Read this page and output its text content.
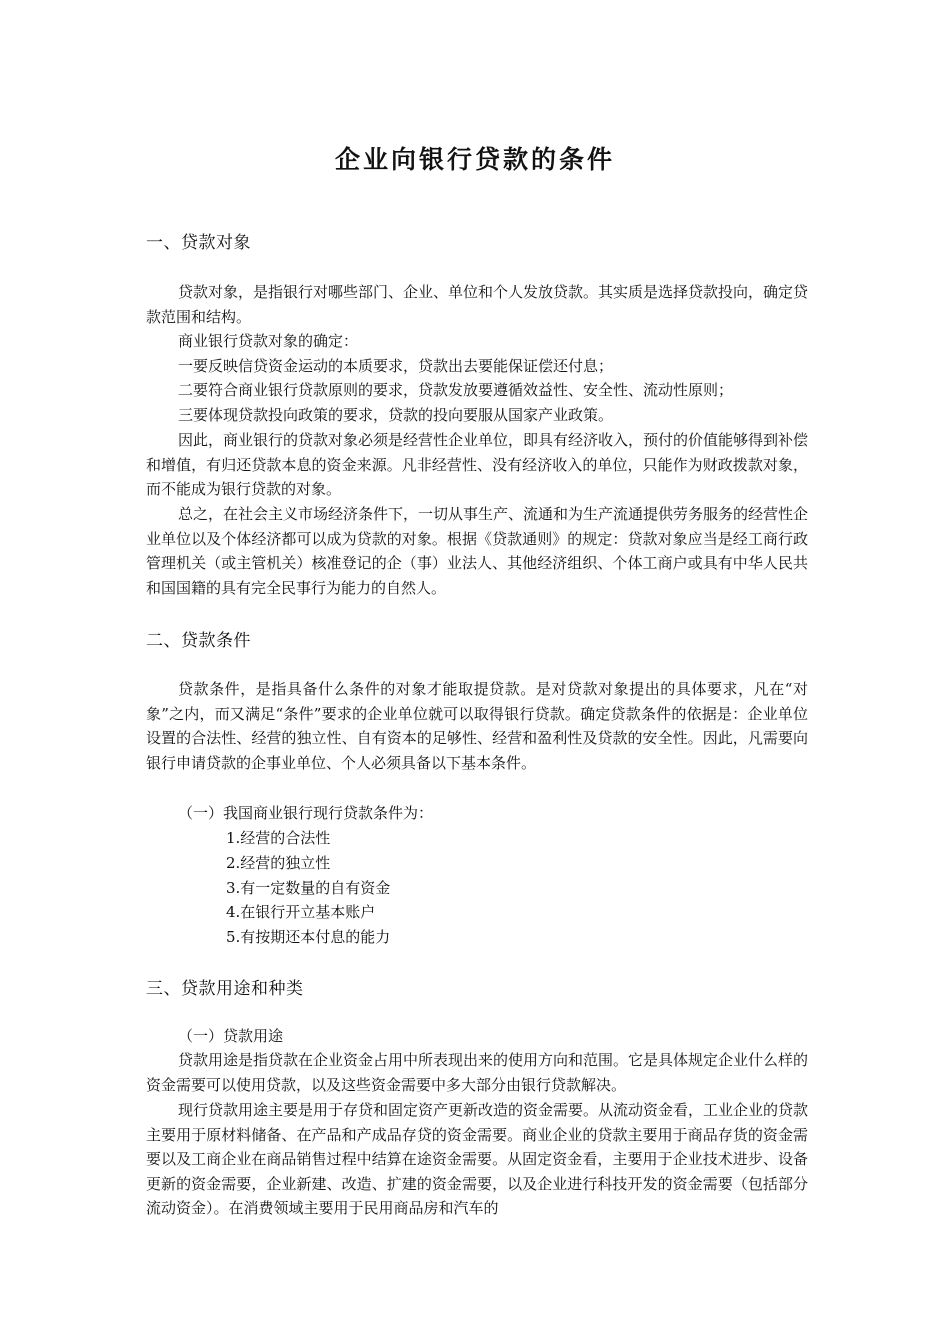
企业向银行贷款的条件
一、贷款对象

贷款对象，是指银行对哪些部门、企业、单位和个人发放贷款。其实质是选择贷款投向，确定贷款范围和结构。

商业银行贷款对象的确定：

一要反映信贷资金运动的本质要求，贷款出去要能保证偿还付息；

二要符合商业银行贷款原则的要求，贷款发放要遵循效益性、安全性、流动性原则；

三要体现贷款投向政策的要求，贷款的投向要服从国家产业政策。

因此，商业银行的贷款对象必须是经营性企业单位，即具有经济收入，预付的价值能够得到补偿和增值，有归还贷款本息的资金来源。凡非经营性、没有经济收入的单位，只能作为财政拨款对象，而不能成为银行贷款的对象。

总之，在社会主义市场经济条件下，一切从事生产、流通和为生产流通提供劳务服务的经营性企业单位以及个体经济都可以成为贷款的对象。根据《贷款通则》的规定：贷款对象应当是经工商行政管理机关（或主管机关）核准登记的企（事）业法人、其他经济组织、个体工商户或具有中华人民共和国国籍的具有完全民事行为能力的自然人。

二、贷款条件

贷款条件，是指具备什么条件的对象才能取提贷款。是对贷款对象提出的具体要求，凡在“对象”之内，而又满足“条件”要求的企业单位就可以取得银行贷款。确定贷款条件的依据是：企业单位设置的合法性、经营的独立性、自有资本的足够性、经营和盈利性及贷款的安全性。因此，凡需要向银行申请贷款的企事业单位、个人必须具备以下基本条件。

（一）我国商业银行现行贷款条件为：
1.经营的合法性
2.经营的独立性
3.有一定数量的自有资金
4.在银行开立基本账户
5.有按期还本付息的能力
三、贷款用途和种类
（一）贷款用途

贷款用途是指贷款在企业资金占用中所表现出来的使用方向和范围。它是具体规定企业什么样的资金需要可以使用贷款，以及这些资金需要中多大部分由银行贷款解决。

现行贷款用途主要是用于存贷和固定资产更新改造的资金需要。从流动资金看，工业企业的贷款主要用于原材料储备、在产品和产成品存贷的资金需要。商业企业的贷款主要用于商品存货的资金需要以及工商企业在商品销售过程中结算在途资金需要。从固定资金看，主要用于企业技术进步、设备更新的资金需要，企业新建、改造、扩建的资金需要，以及企业进行科技开发的资金需要（包括部分流动资金）。在消费领域主要用于民用商品房和汽车的
